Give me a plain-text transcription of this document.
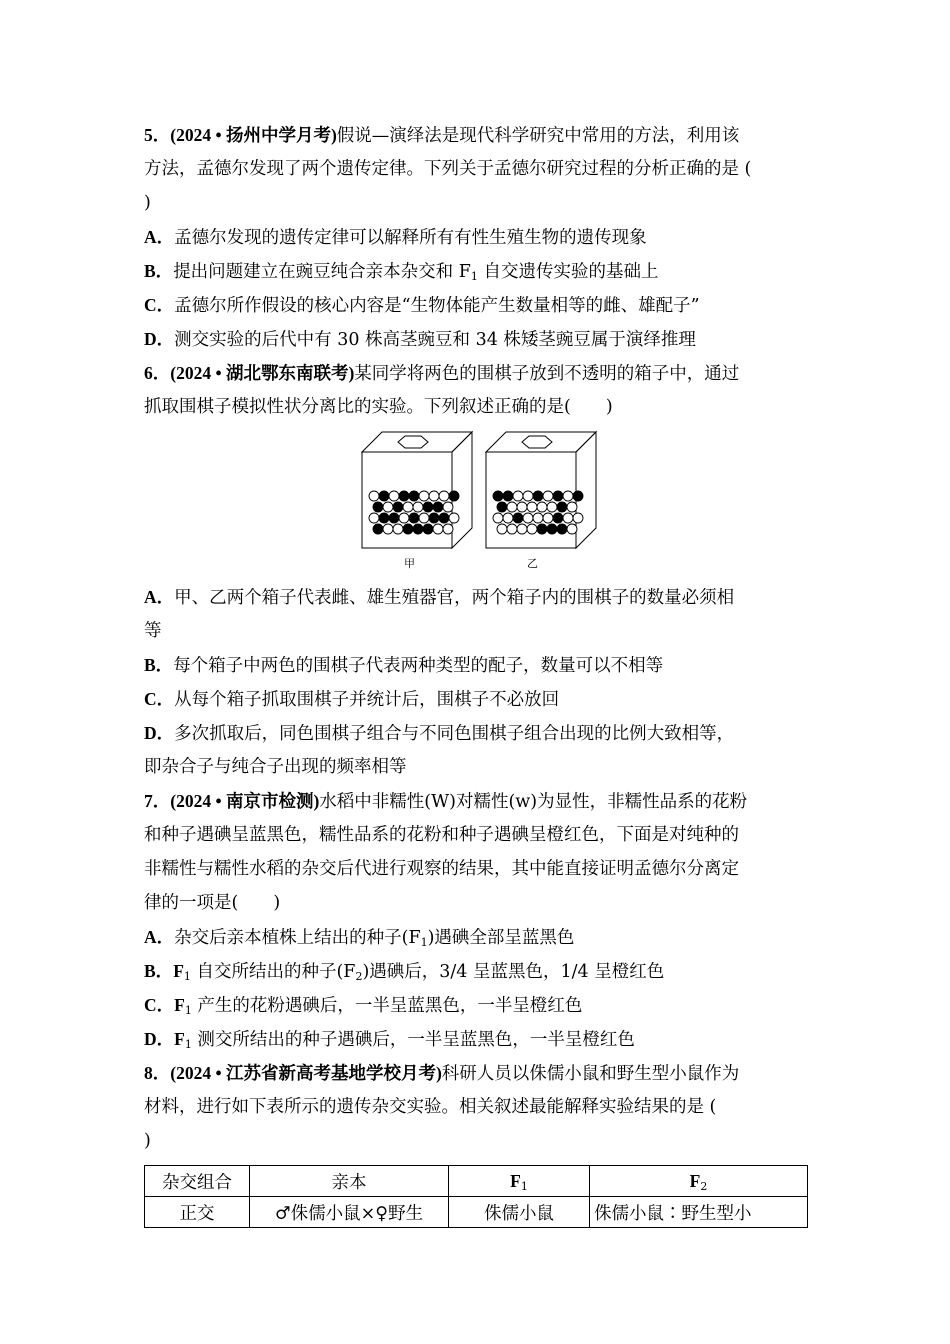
5．(2024 • 扬州中学月考)假说—演绎法是现代科学研究中常用的方法，利用该
方法，孟德尔发现了两个遗传定律。下列关于孟德尔研究过程的分析正确的是 (
)
A．孟德尔发现的遗传定律可以解释所有有性生殖生物的遗传现象
B．提出问题建立在豌豆纯合亲本杂交和 $F_1$ 自交遗传实验的基础上
C．孟德尔所作假设的核心内容是“生物体能产生数量相等的雌、雄配子”
D．测交实验的后代中有 30 株高茎豌豆和 34 株矮茎豌豆属于演绎推理
6．(2024 • 湖北鄂东南联考)某同学将两色的围棋子放到不透明的箱子中，通过
抓取围棋子模拟性状分离比的实验。下列叙述正确的是(　　)
甲	乙
A．甲、乙两个箱子代表雌、雄生殖器官，两个箱子内的围棋子的数量必须相
等
B．每个箱子中两色的围棋子代表两种类型的配子，数量可以不相等
C．从每个箱子抓取围棋子并统计后，围棋子不必放回
D．多次抓取后，同色围棋子组合与不同色围棋子组合出现的比例大致相等，
即杂合子与纯合子出现的频率相等
7．(2024 • 南京市检测)水稻中非糯性(W)对糯性(w)为显性，非糯性品系的花粉
和种子遇碘呈蓝黑色，糯性品系的花粉和种子遇碘呈橙红色，下面是对纯种的
非糯性与糯性水稻的杂交后代进行观察的结果，其中能直接证明孟德尔分离定
律的一项是(　　)
A．杂交后亲本植株上结出的种子$(F_1)$遇碘全部呈蓝黑色
B．$F_1$ 自交所结出的种子$(F_2)$遇碘后，3/4 呈蓝黑色，1/4 呈橙红色
C．$F_1$ 产生的花粉遇碘后，一半呈蓝黑色，一半呈橙红色
D．$F_1$ 测交所结出的种子遇碘后，一半呈蓝黑色，一半呈橙红色
8．(2024 • 江苏省新高考基地学校月考)科研人员以侏儒小鼠和野生型小鼠作为
材料，进行如下表所示的遗传杂交实验。相关叙述最能解释实验结果的是 (
)
杂交组合	亲本	$F_1$	$F_2$
正交	♂侏儒小鼠×♀野生	侏儒小鼠	侏儒小鼠∶野生型小
